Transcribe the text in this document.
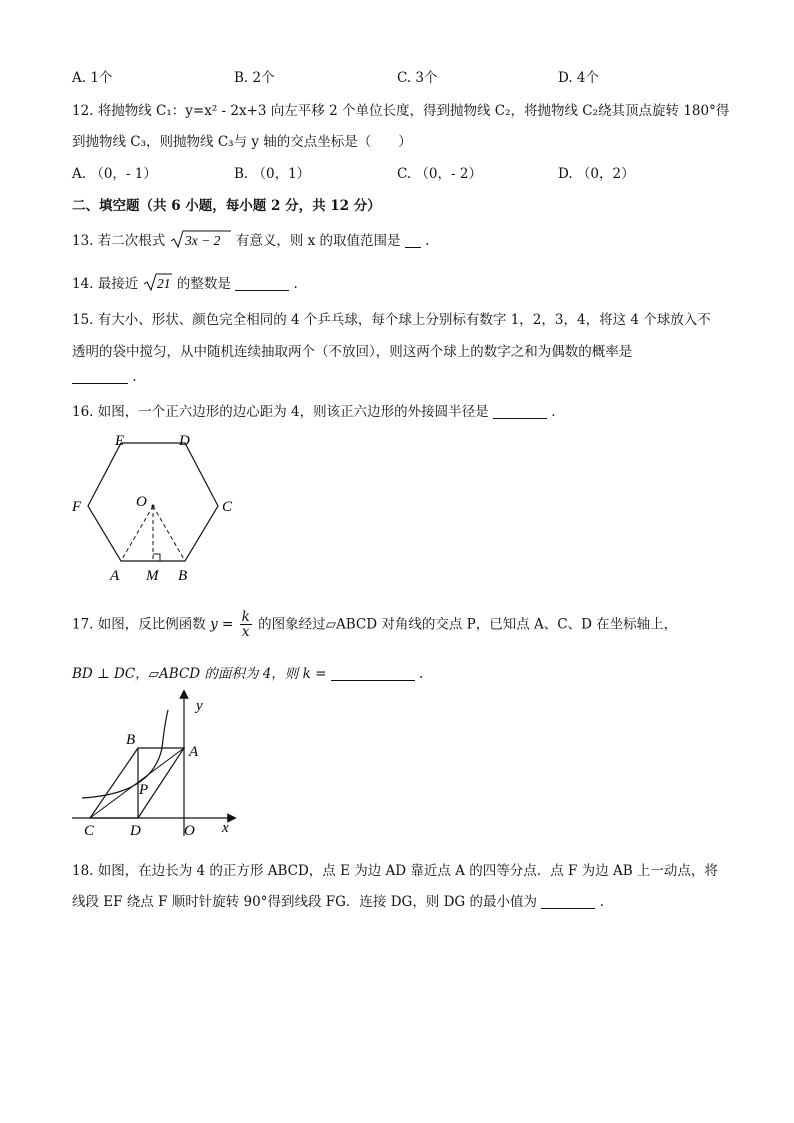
A. 1个	B. 2个	C. 3个	D. 4个
12. 将抛物线 C₁：y=x² - 2x+3 向左平移 2 个单位长度，得到抛物线 C₂，将抛物线 C₂绕其顶点旋转 180°得
到抛物线 C₃，则抛物线 C₃与 y 轴的交点坐标是（　　）
A. （0，- 1）	B. （0，1）	C. （0，- 2）	D. （0，2）
二、填空题（共 6 小题，每小题 2 分，共 12 分）
13. 若二次根式 3x − 2 有意义，则 x 的取值范围是 .
14. 最接近 21 的整数是	.
15. 有大小、形状、颜色完全相同的 4 个乒乓球，每个球上分别标有数字 1，2，3，4，将这 4 个球放入不
透明的袋中搅匀，从中随机连续抽取两个（不放回），则这两个球上的数字之和为偶数的概率是
.
16. 如图，一个正六边形的边心距为 4，则该正六边形的外接圆半径是	.
E	D
F	O	C
A M B
17. 如图，反比例函数 $y = \frac{k}{x}$ 的图象经过▱ABCD 对角线的交点 P，已知点 A、C、D 在坐标轴上，
BD ⊥ DC，▱ABCD 的面积为 4，则 k =	.
y
x
B
A
P
C D	O
18. 如图，在边长为 4 的正方形 ABCD，点 E 为边 AD 靠近点 A 的四等分点．点 F 为边 AB 上一动点，将
线段 EF 绕点 F 顺时针旋转 90°得到线段 FG．连接 DG，则 DG 的最小值为	.
